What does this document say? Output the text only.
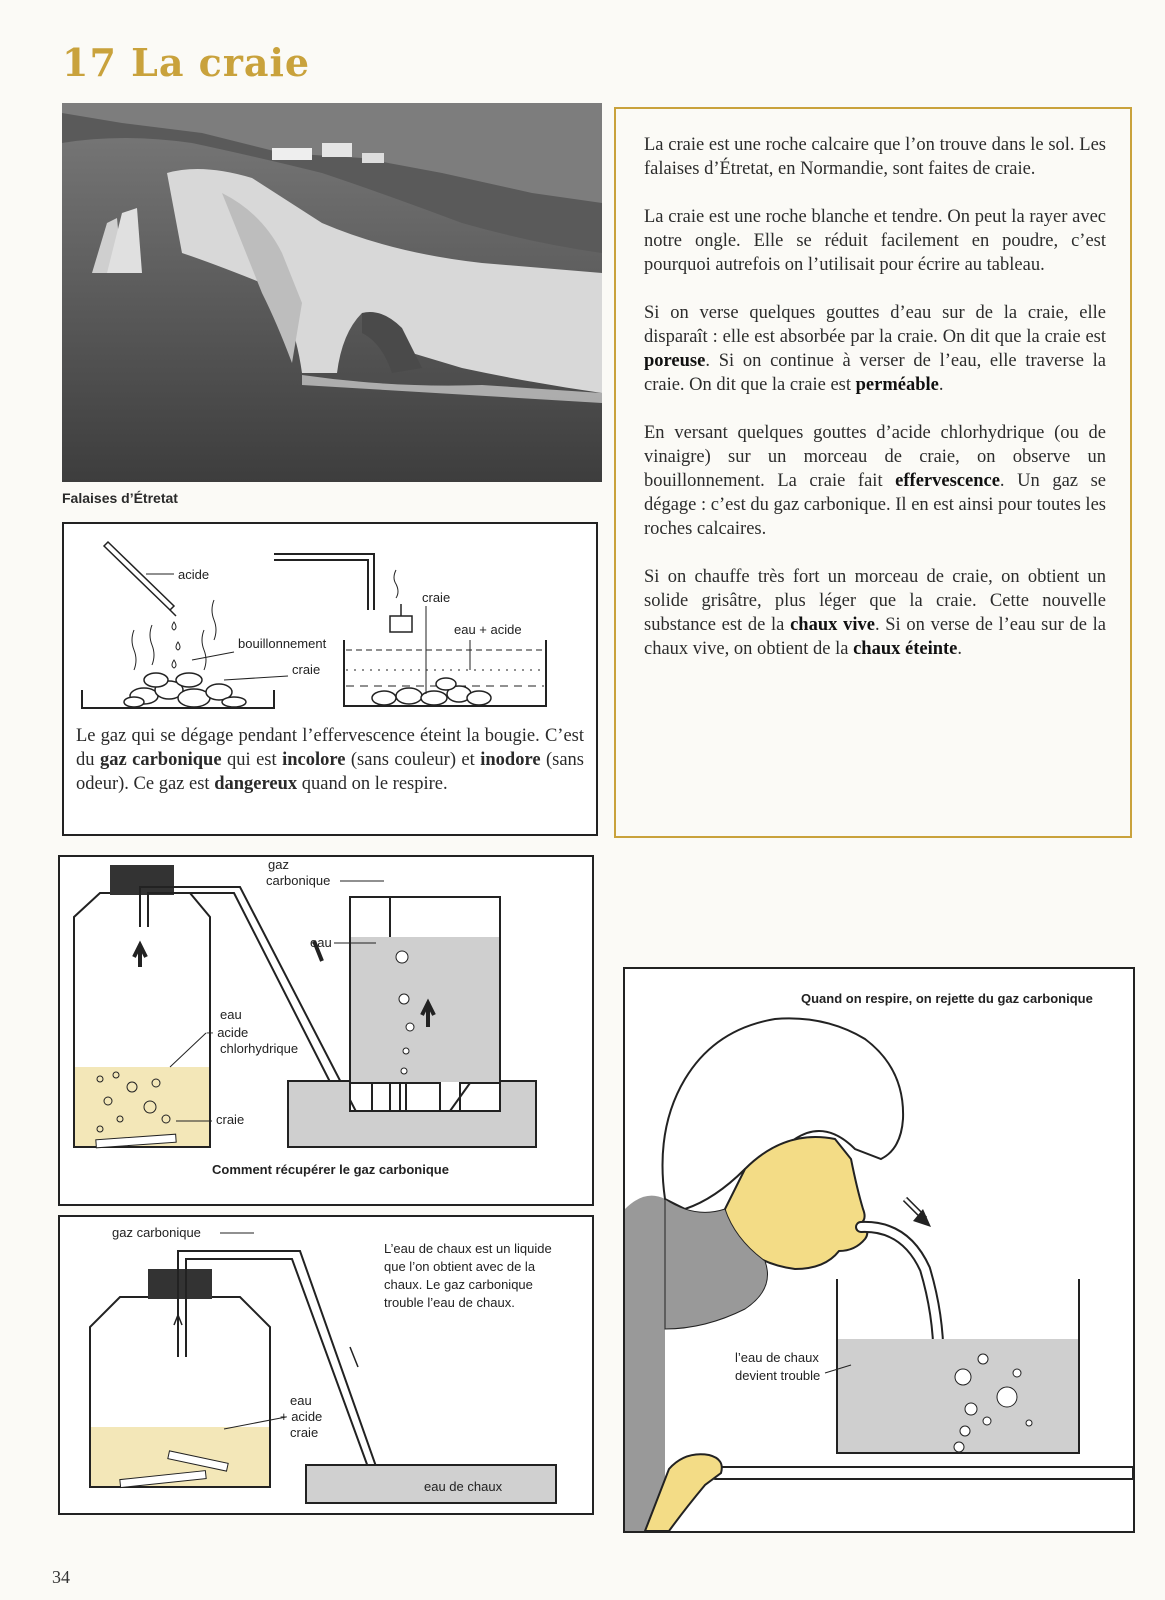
17 La craie
Falaises d’Étretat

La craie est une roche calcaire que l’on trouve dans le sol. Les falaises d’Étretat, en Normandie, sont faites de craie.

La craie est une roche blanche et tendre. On peut la rayer avec notre ongle. Elle se réduit facilement en poudre, c’est pourquoi autrefois on l’utilisait pour écrire au tableau.

Si on verse quelques gouttes d’eau sur de la craie, elle disparaît : elle est absorbée par la craie. On dit que la craie est poreuse. Si on continue à verser de l’eau, elle traverse la craie. On dit que la craie est perméable.

En versant quelques gouttes d’acide chlorhydrique (ou de vinaigre) sur un morceau de craie, on observe un bouillonnement. La craie fait effervescence. Un gaz se dégage : c’est du gaz carbonique. Il en est ainsi pour toutes les roches calcaires.

Si on chauffe très fort un morceau de craie, on obtient un solide grisâtre, plus léger que la craie. Cette nouvelle substance est de la chaux vive. Si on verse de l’eau sur de la chaux vive, on obtient de la chaux éteinte.

acide
bouillonnement
craie
craie
eau + acide
Le gaz qui se dégage pendant l’effervescence éteint la bougie. C’est du gaz carbonique qui est incolore (sans couleur) et inodore (sans odeur). Ce gaz est dangereux quand on le respire.
gaz
carbonique
eau
eau
+ acide
chlorhydrique
craie
Comment récupérer le gaz carbonique
gaz carbonique
L’eau de chaux est un liquide
que l’on obtient avec de la
chaux. Le gaz carbonique
trouble l’eau de chaux.
eau
+ acide
craie
eau de chaux
Quand on respire, on rejette du gaz carbonique
l’eau de chaux
devient trouble
34
